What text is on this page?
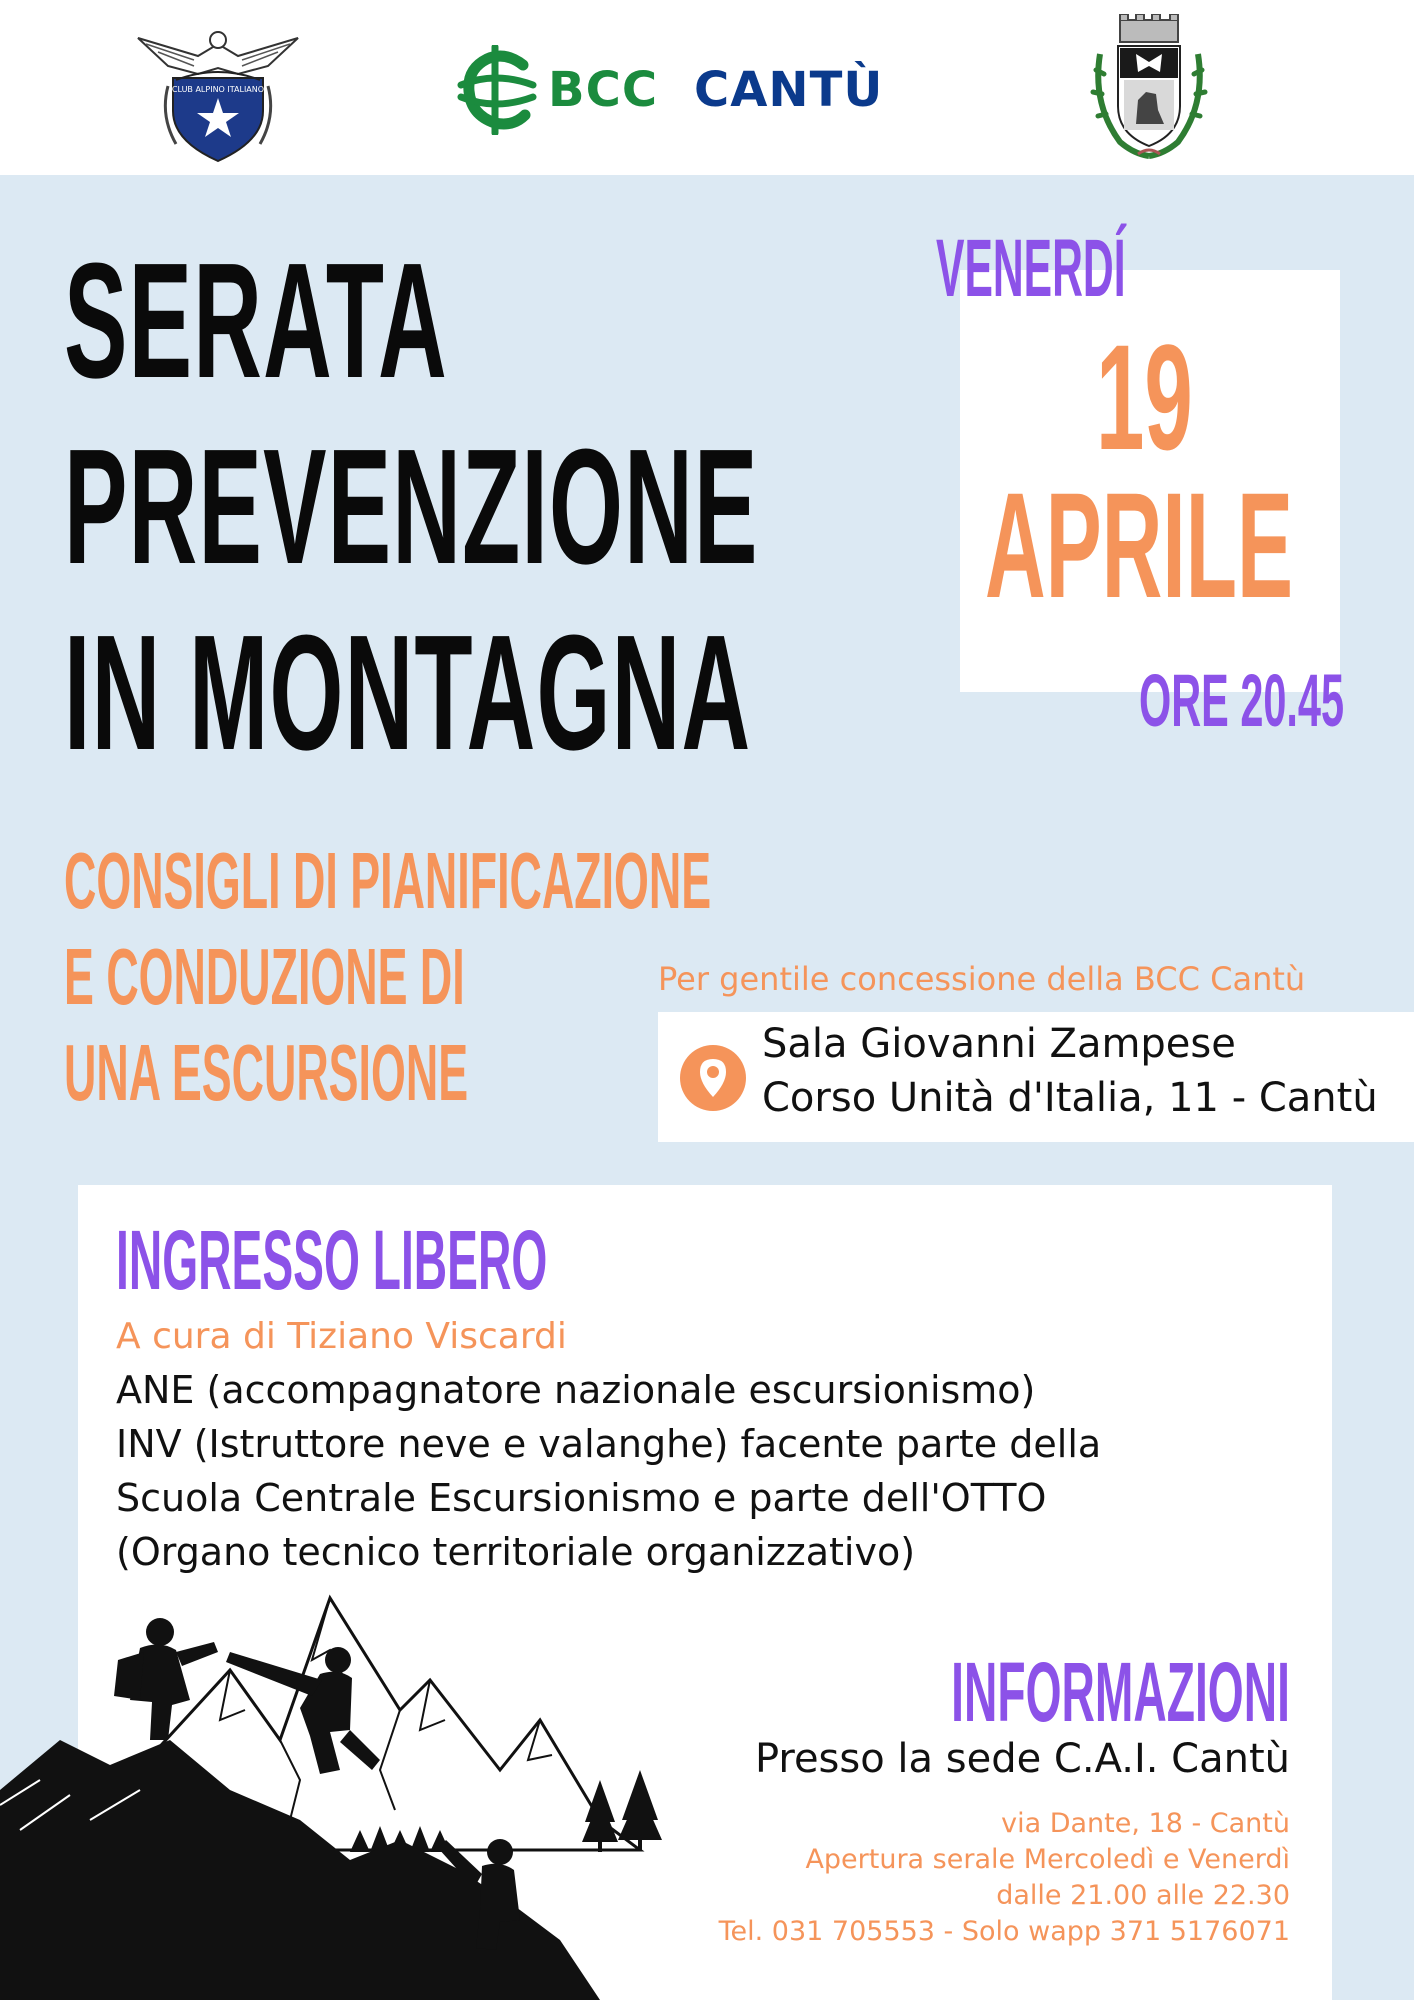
CLUB ALPINO ITALIANO	BCC CANTÙ
SERATA
PREVENZIONE
IN MONTAGNA
CONSIGLI DI PIANIFICAZIONE
E CONDUZIONE DI
UNA ESCURSIONE
VENERDÍ
19
APRILE
ORE 20.45
Per gentile concessione della BCC Cantù
Sala Giovanni Zampese
Corso Unità d'Italia, 11 - Cantù
INGRESSO LIBERO
A cura di Tiziano Viscardi
ANE (accompagnatore nazionale escursionismo)
INV (Istruttore neve e valanghe) facente parte della
Scuola Centrale Escursionismo e parte dell'OTTO
(Organo tecnico territoriale organizzativo)
INFORMAZIONI
Presso la sede C.A.I. Cantù
via Dante, 18 - Cantù
Apertura serale Mercoledì e Venerdì
dalle 21.00 alle 22.30
Tel. 031 705553 - Solo wapp 371 5176071
